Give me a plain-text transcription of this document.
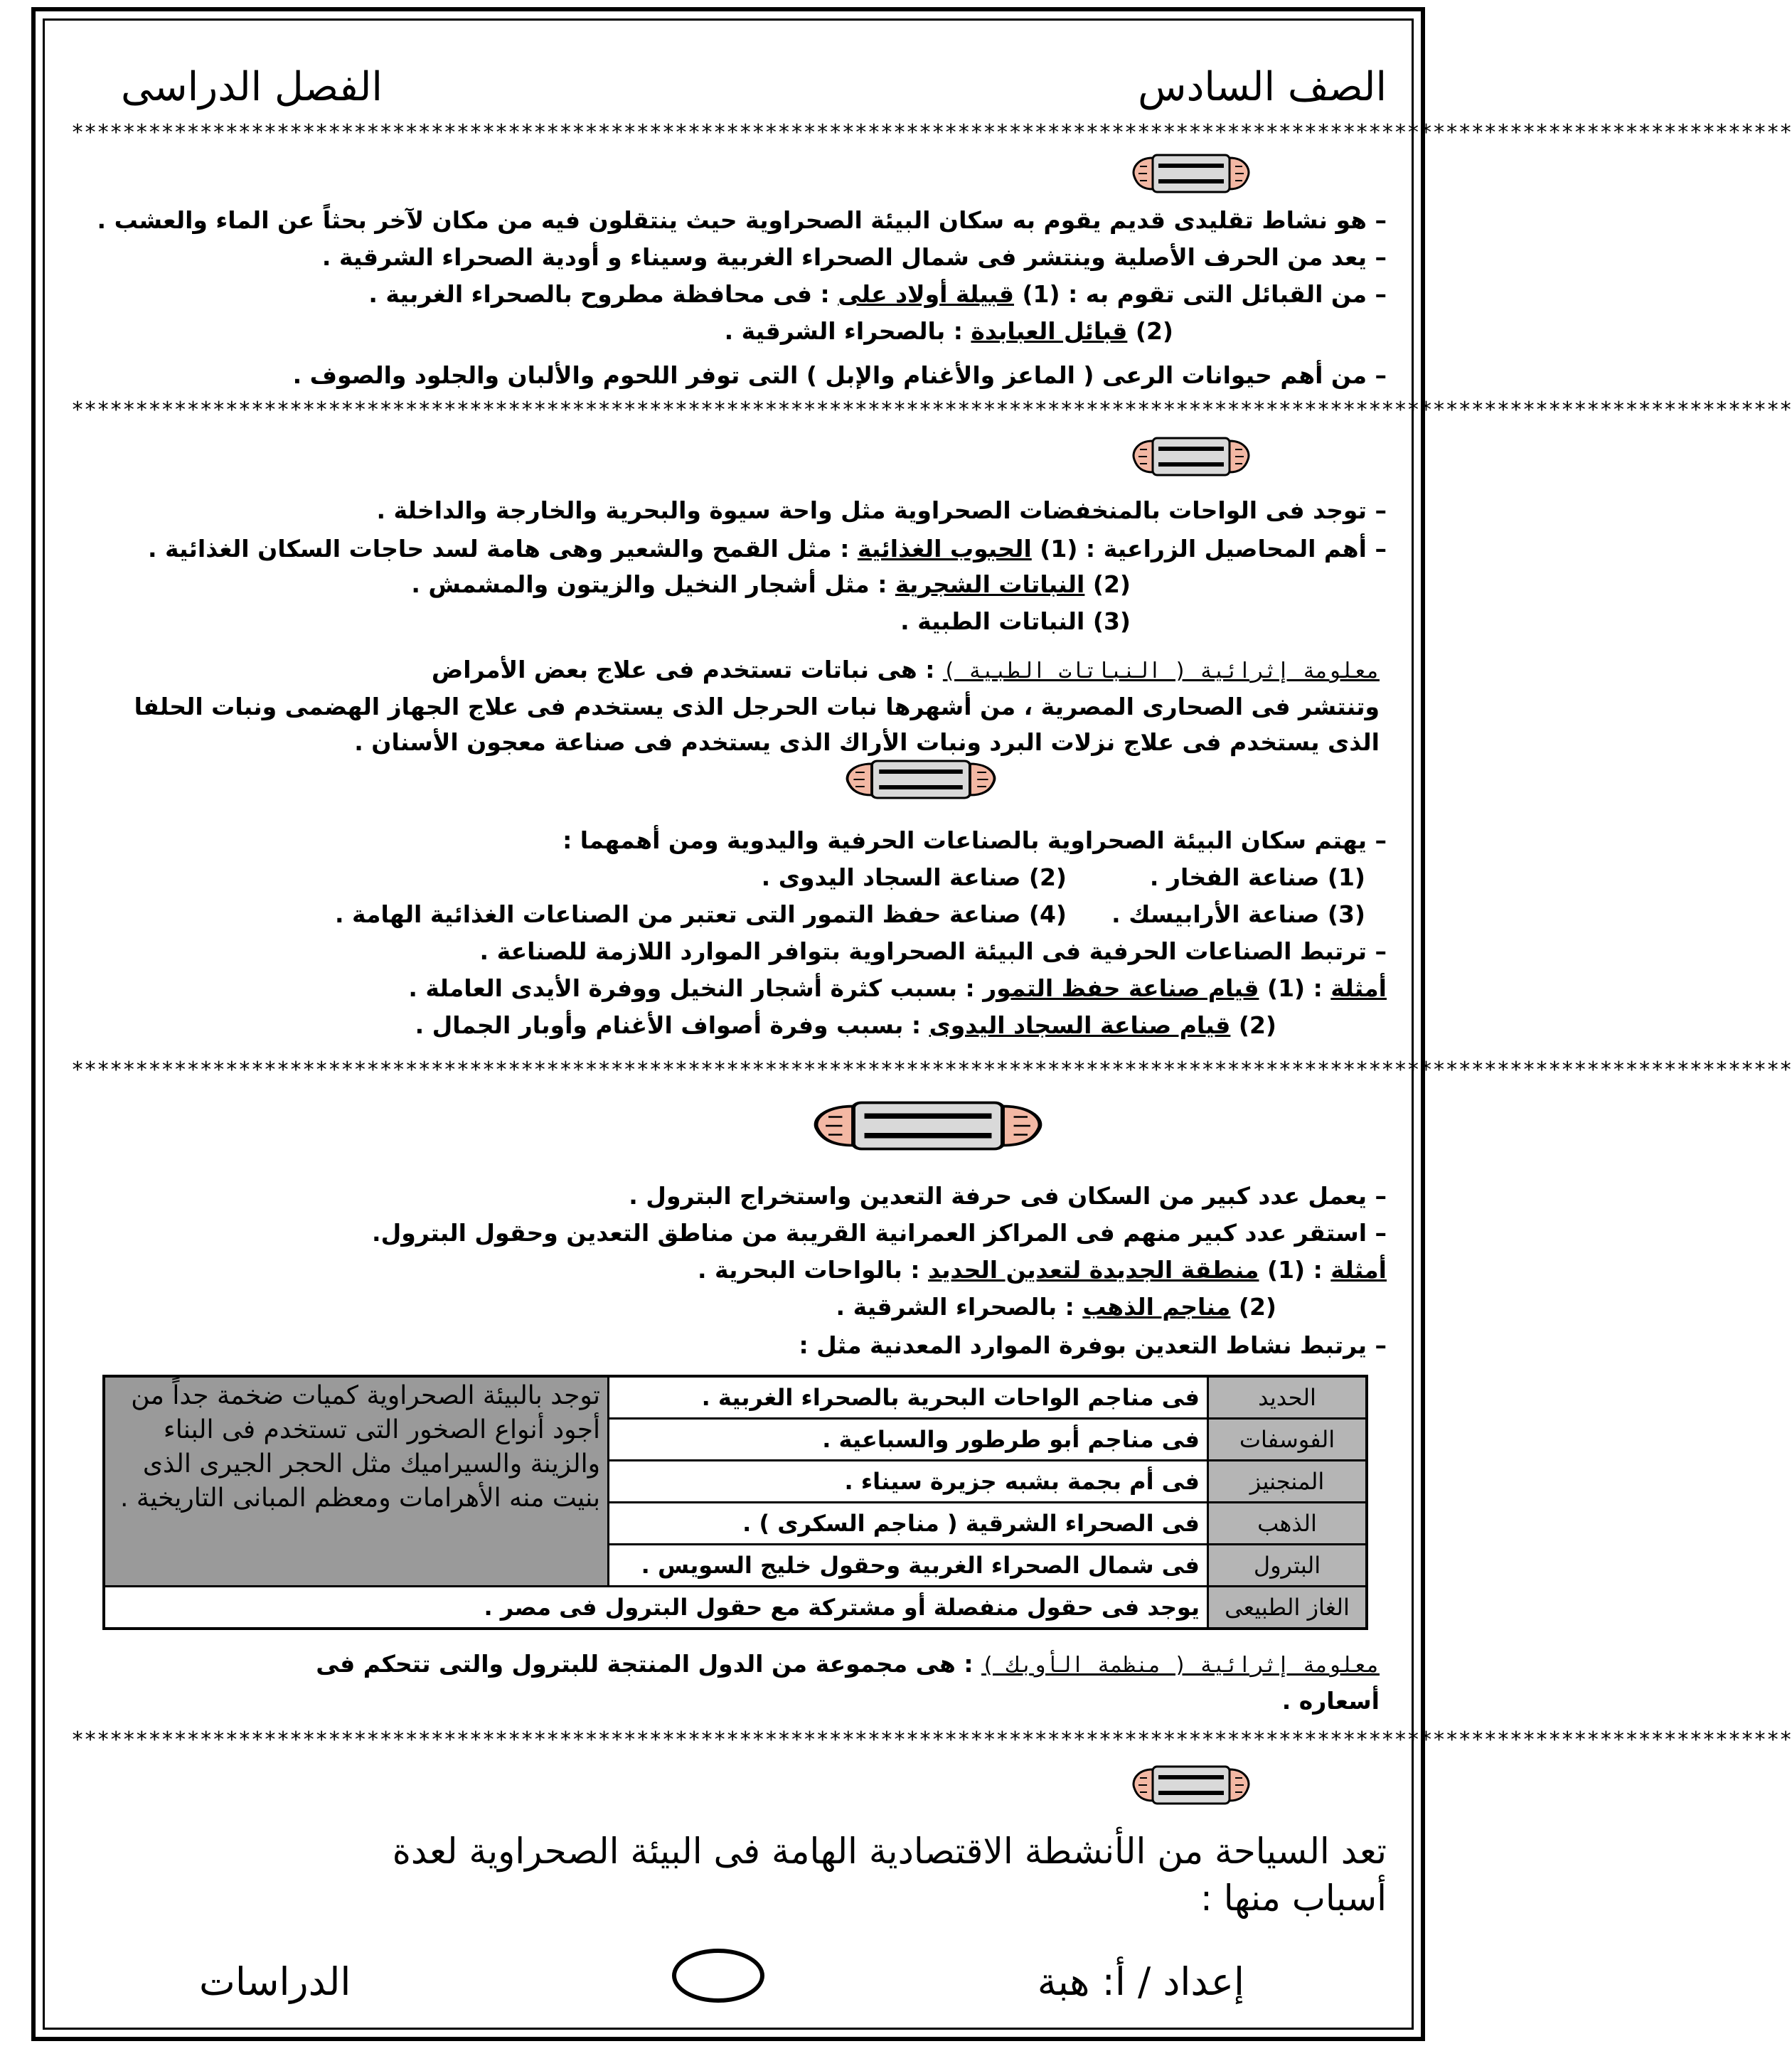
الصف السادس
الفصل الدراسى
**************************************************************************************************************************************
– هو نشاط تقليدى قديم يقوم به سكان البيئة الصحراوية حيث ينتقلون فيه من مكان لآخر بحثاً عن الماء والعشب .
– يعد من الحرف الأصلية وينتشر فى شمال الصحراء الغربية وسيناء و أودية الصحراء الشرقية .
– من القبائل التى تقوم به : (1) قبيلة أولاد على : فى محافظة مطروح بالصحراء الغربية .
(2) قبائل العبابدة : بالصحراء الشرقية .
– من أهم حيوانات الرعى ( الماعز والأغنام والإبل ) التى توفر اللحوم والألبان والجلود والصوف .
**************************************************************************************************************************************
– توجد فى الواحات بالمنخفضات الصحراوية مثل واحة سيوة والبحرية والخارجة والداخلة .
– أهم المحاصيل الزراعية : (1) الحبوب الغذائية : مثل القمح والشعير وهى هامة لسد حاجات السكان الغذائية .
(2) النباتات الشجرية : مثل أشجار النخيل والزيتون والمشمش .
(3) النباتات الطبية .
معلومة إثرائية ( النباتات الطبية ) : هى نباتات تستخدم فى علاج بعض الأمراض
وتنتشر فى الصحارى المصرية ، من أشهرها نبات الحرجل الذى يستخدم فى علاج الجهاز الهضمى ونبات الحلفا
الذى يستخدم فى علاج نزلات البرد ونبات الأراك الذى يستخدم فى صناعة معجون الأسنان .
– يهتم سكان البيئة الصحراوية بالصناعات الحرفية واليدوية ومن أهمهما :
(1) صناعة الفخار .
(2) صناعة السجاد اليدوى .
(3) صناعة الأرابيسك .
(4) صناعة حفظ التمور التى تعتبر من الصناعات الغذائية الهامة .
– ترتبط الصناعات الحرفية فى البيئة الصحراوية بتوافر الموارد اللازمة للصناعة .
أمثلة : (1) قيام صناعة حفظ التمور : بسبب كثرة أشجار النخيل ووفرة الأيدى العاملة .
(2) قيام صناعة السجاد اليدوى : بسبب وفرة أصواف الأغنام وأوبار الجمال .
**************************************************************************************************************************************
– يعمل عدد كبير من السكان فى حرفة التعدين واستخراج البترول .
– استقر عدد كبير منهم فى المراكز العمرانية القريبة من مناطق التعدين وحقول البترول.
أمثلة : (1) منطقة الجديدة لتعدين الحديد : بالواحات البحرية .
(2) مناجم الذهب : بالصحراء الشرقية .
– يرتبط نشاط التعدين بوفرة الموارد المعدنية مثل :
الحديد	فى مناجم الواحات البحرية بالصحراء الغربية .	توجد بالبيئة الصحراوية كميات ضخمة جداً من أجود أنواع الصخور التى تستخدم فى البناء والزينة والسيراميك مثل الحجر الجيرى الذى بنيت منه الأهرامات ومعظم المبانى التاريخية .
الفوسفات	فى مناجم أبو طرطور والسباعية .	
المنجنيز	فى أم بجمة بشبه جزيرة سيناء .	
الذهب	فى الصحراء الشرقية ( مناجم السكرى ) .	
البترول	فى شمال الصحراء الغربية وحقول خليج السويس .	
الغاز الطبيعى	يوجد فى حقول منفصلة أو مشتركة مع حقول البترول فى مصر .	
معلومة إثرائية ( منظمة الأوبك ) : هى مجموعة من الدول المنتجة للبترول والتى تتحكم فى
أسعاره .
**************************************************************************************************************************************
تعد السياحة من الأنشطة الاقتصادية الهامة فى البيئة الصحراوية لعدة
أسباب منها :
إعداد / أ: هبة
الدراسات
